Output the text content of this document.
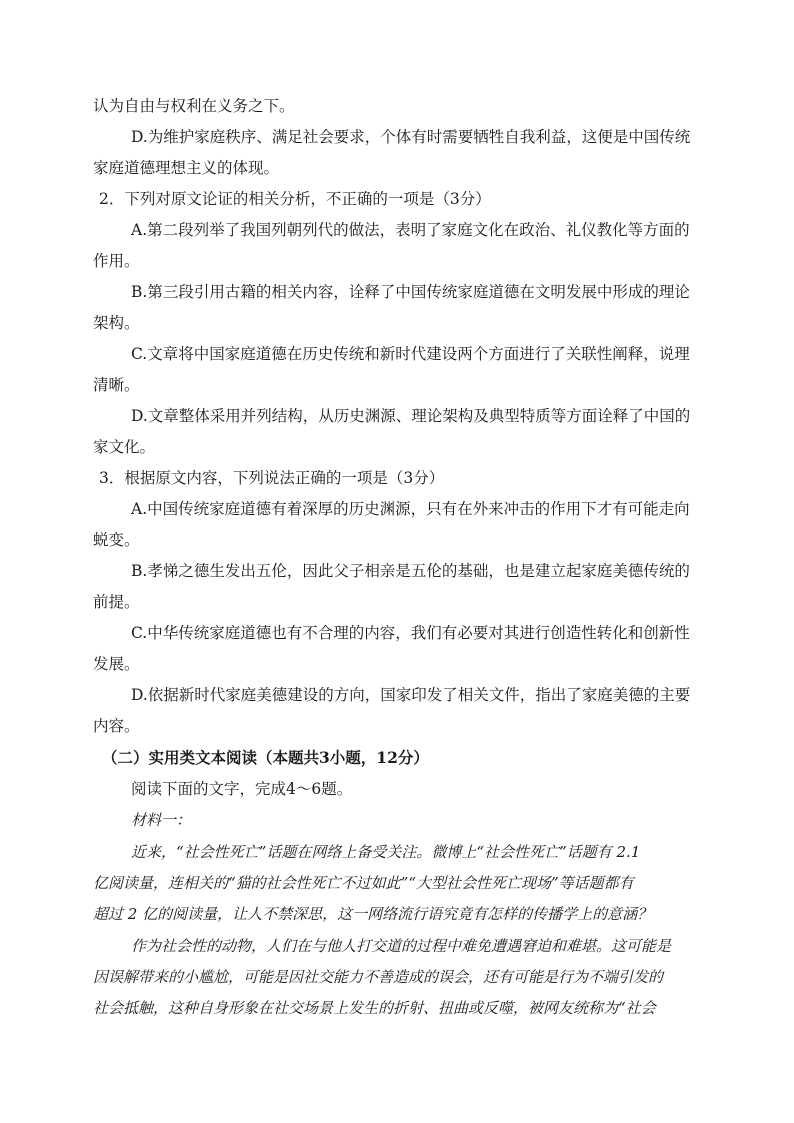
认为自由与权利在义务之下。
D.为维护家庭秩序、满足社会要求，个体有时需要牺牲自我利益，这便是中国传统
家庭道德理想主义的体现。
2．下列对原文论证的相关分析，不正确的一项是（3分）
A.第二段列举了我国列朝列代的做法，表明了家庭文化在政治、礼仪教化等方面的
作用。
B.第三段引用古籍的相关内容，诠释了中国传统家庭道德在文明发展中形成的理论
架构。
C.文章将中国家庭道德在历史传统和新时代建设两个方面进行了关联性阐释，说理
清晰。
D.文章整体采用并列结构，从历史渊源、理论架构及典型特质等方面诠释了中国的
家文化。
3．根据原文内容，下列说法正确的一项是（3分）
A.中国传统家庭道德有着深厚的历史渊源，只有在外来冲击的作用下才有可能走向
蜕变。
B.孝悌之德生发出五伦，因此父子相亲是五伦的基础，也是建立起家庭美德传统的
前提。
C.中华传统家庭道德也有不合理的内容，我们有必要对其进行创造性转化和创新性
发展。
D.依据新时代家庭美德建设的方向，国家印发了相关文件，指出了家庭美德的主要
内容。
（二）实用类文本阅读（本题共3小题，12分）
阅读下面的文字，完成4～6题。
材料一：
近来，“社会性死亡”话题在网络上备受关注。微博上“社会性死亡”话题有 2.1
亿阅读量，连相关的“猫的社会性死亡不过如此”“大型社会性死亡现场”等话题都有
超过 2 亿的阅读量，让人不禁深思，这一网络流行语究竟有怎样的传播学上的意涵？
作为社会性的动物，人们在与他人打交道的过程中难免遭遇窘迫和难堪。这可能是
因误解带来的小尴尬，可能是因社交能力不善造成的误会，还有可能是行为不端引发的
社会抵触，这种自身形象在社交场景上发生的折射、扭曲或反噬，被网友统称为“社会
